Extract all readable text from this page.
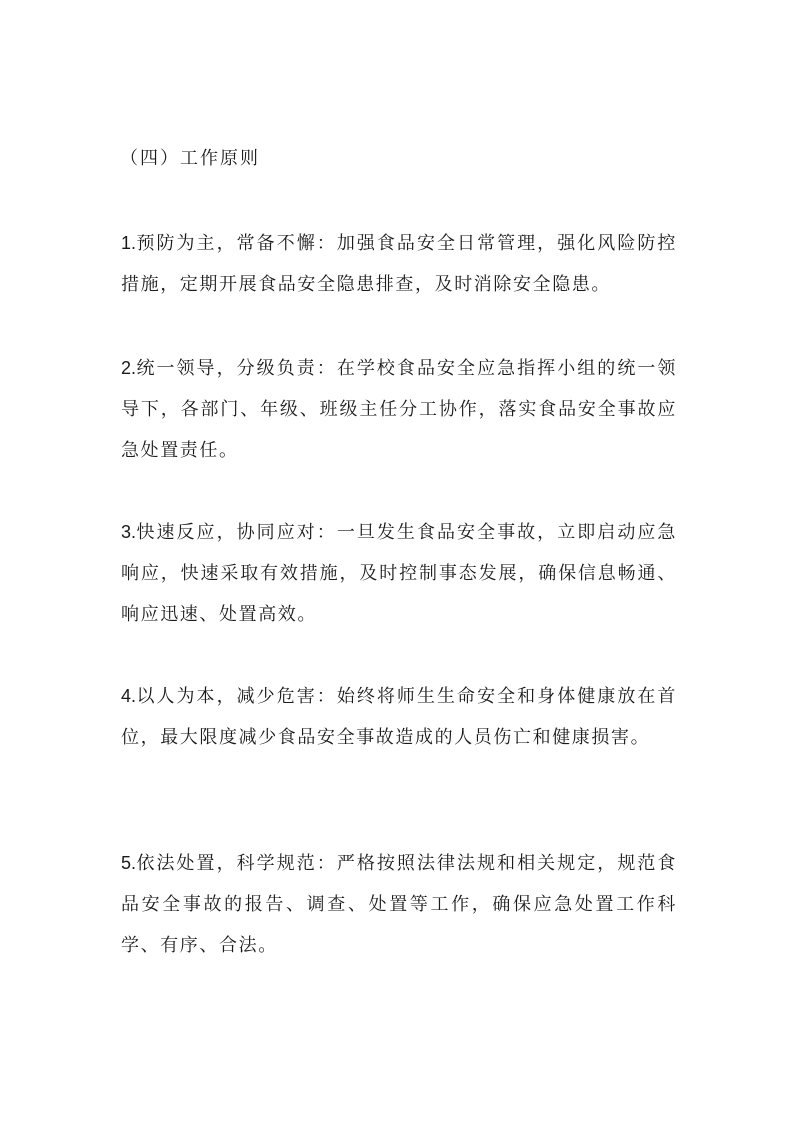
（四）工作原则

1.预防为主，常备不懈：加强食品安全日常管理，强化风险防控措施，定期开展食品安全隐患排查，及时消除安全隐患。

2.统一领导，分级负责：在学校食品安全应急指挥小组的统一领导下，各部门、年级、班级主任分工协作，落实食品安全事故应急处置责任。

3.快速反应，协同应对：一旦发生食品安全事故，立即启动应急响应，快速采取有效措施，及时控制事态发展，确保信息畅通、响应迅速、处置高效。

4.以人为本，减少危害：始终将师生生命安全和身体健康放在首位，最大限度减少食品安全事故造成的人员伤亡和健康损害。

5.依法处置，科学规范：严格按照法律法规和相关规定，规范食品安全事故的报告、调查、处置等工作，确保应急处置工作科学、有序、合法。
